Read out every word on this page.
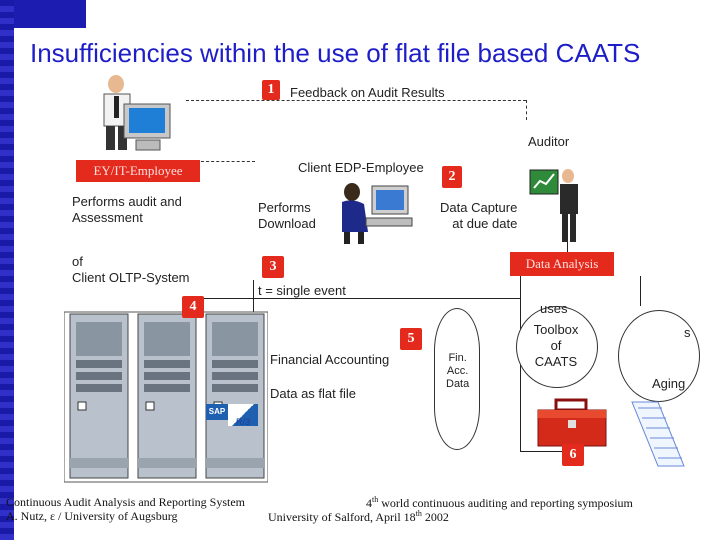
Insufficiencies within the use of flat file based CAATS
SAP
R/3
Fin.
Acc.
Data
1
2
3
4
5
6
EY/IT-Employee
Data Analysis
Feedback on Audit Results
Auditor
Client EDP-Employee
Performs audit and
Assessment
of
Client OLTP-System
Performs
Download
Data Capture
at due date
t = single event
uses
Financial Accounting
Data as flat file
Toolbox
of
CAATS
s
Aging
Continuous Audit Analysis and Reporting System	4th world continuous auditing and reporting symposium
A. Nutz, ε / University of Augsburg	University of Salford, April 18th 2002
